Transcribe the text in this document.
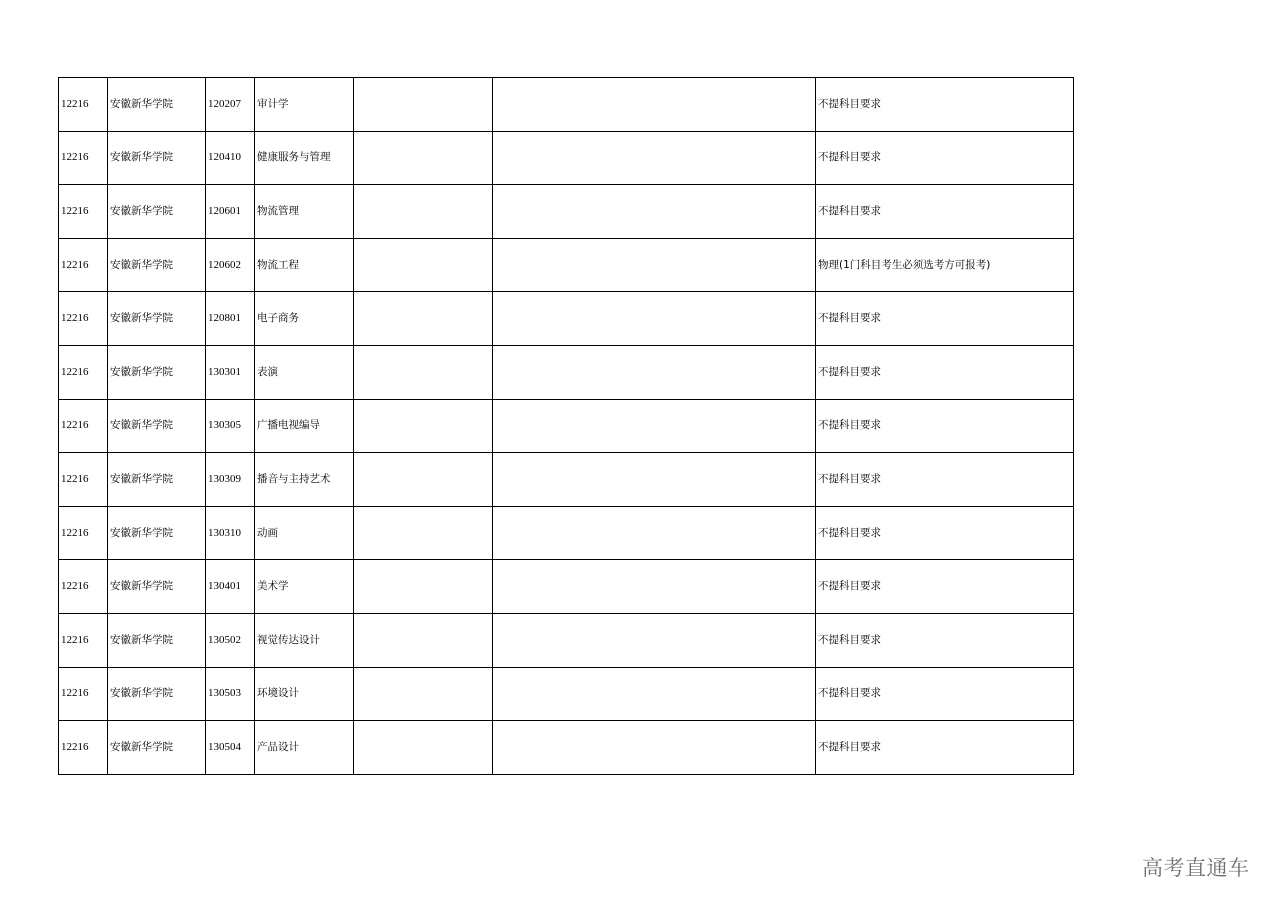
12216	安徽新华学院	120207	审计学			不提科目要求
12216	安徽新华学院	120410	健康服务与管理			不提科目要求
12216	安徽新华学院	120601	物流管理			不提科目要求
12216	安徽新华学院	120602	物流工程			物理(1门科目考生必须选考方可报考)
12216	安徽新华学院	120801	电子商务			不提科目要求
12216	安徽新华学院	130301	表演			不提科目要求
12216	安徽新华学院	130305	广播电视编导			不提科目要求
12216	安徽新华学院	130309	播音与主持艺术			不提科目要求
12216	安徽新华学院	130310	动画			不提科目要求
12216	安徽新华学院	130401	美术学			不提科目要求
12216	安徽新华学院	130502	视觉传达设计			不提科目要求
12216	安徽新华学院	130503	环境设计			不提科目要求
12216	安徽新华学院	130504	产品设计			不提科目要求
高考直通车
